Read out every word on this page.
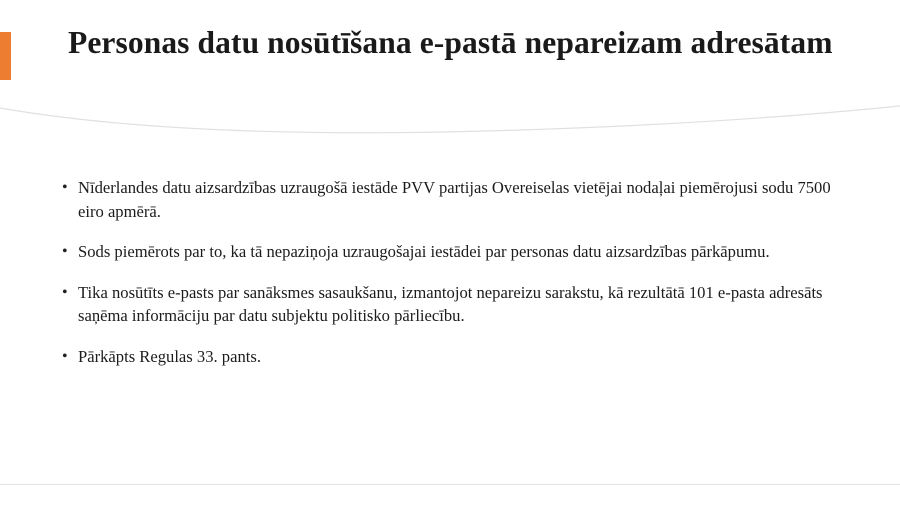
Personas datu nosūtīšana e-pastā nepareizam adresātam
• Nīderlandes datu aizsardzības uzraugošā iestāde PVV partijas Overeiselas vietējai nodaļai piemērojusi sodu 7500 eiro apmērā.
• Sods piemērots par to, ka tā nepaziņoja uzraugošajai iestādei par personas datu aizsardzības pārkāpumu.
• Tika nosūtīts e-pasts par sanāksmes sasaukšanu, izmantojot nepareizu sarakstu, kā rezultātā 101 e-pasta adresāts saņēma informāciju par datu subjektu politisko pārliecību.
• Pārkāpts Regulas 33. pants.
